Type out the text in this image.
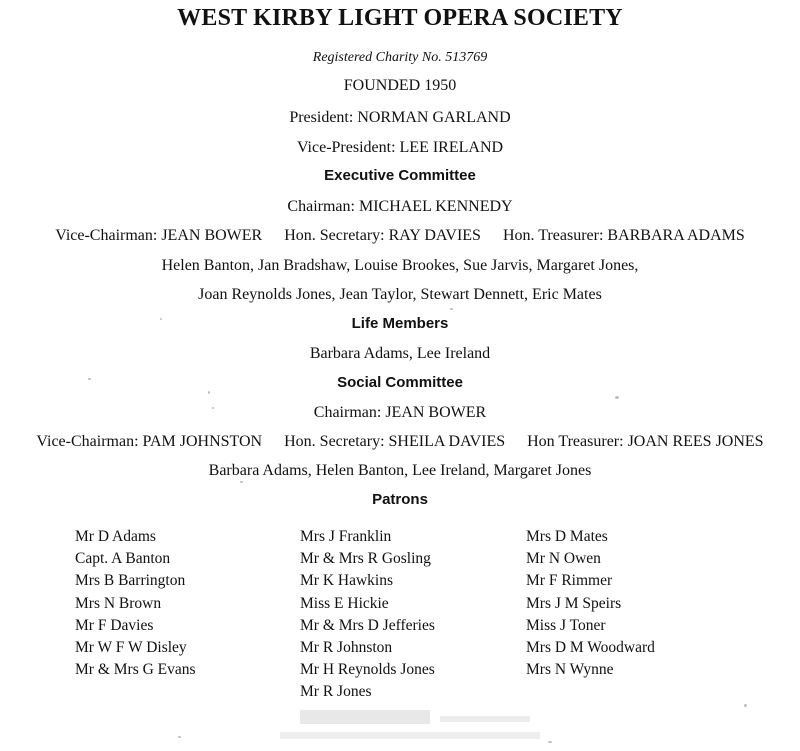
WEST KIRBY LIGHT OPERA SOCIETY
Registered Charity No. 513769
FOUNDED 1950
President: NORMAN GARLAND
Vice-President: LEE IRELAND
Executive Committee
Chairman: MICHAEL KENNEDY
Vice-Chairman: JEAN BOWER Hon. Secretary: RAY DAVIES Hon. Treasurer: BARBARA ADAMS
Helen Banton, Jan Bradshaw, Louise Brookes, Sue Jarvis, Margaret Jones,
Joan Reynolds Jones, Jean Taylor, Stewart Dennett, Eric Mates
Life Members
Barbara Adams, Lee Ireland
Social Committee
Chairman: JEAN BOWER
Vice-Chairman: PAM JOHNSTON Hon. Secretary: SHEILA DAVIES Hon Treasurer: JOAN REES JONES
Barbara Adams, Helen Banton, Lee Ireland, Margaret Jones
Patrons
Mr D Adams
Capt. A Banton
Mrs B Barrington
Mrs N Brown
Mr F Davies
Mr W F W Disley
Mr & Mrs G Evans
Mrs J Franklin
Mr & Mrs R Gosling
Mr K Hawkins
Miss E Hickie
Mr & Mrs D Jefferies
Mr R Johnston
Mr H Reynolds Jones
Mr R Jones
Mrs D Mates
Mr N Owen
Mr F Rimmer
Mrs J M Speirs
Miss J Toner
Mrs D M Woodward
Mrs N Wynne
